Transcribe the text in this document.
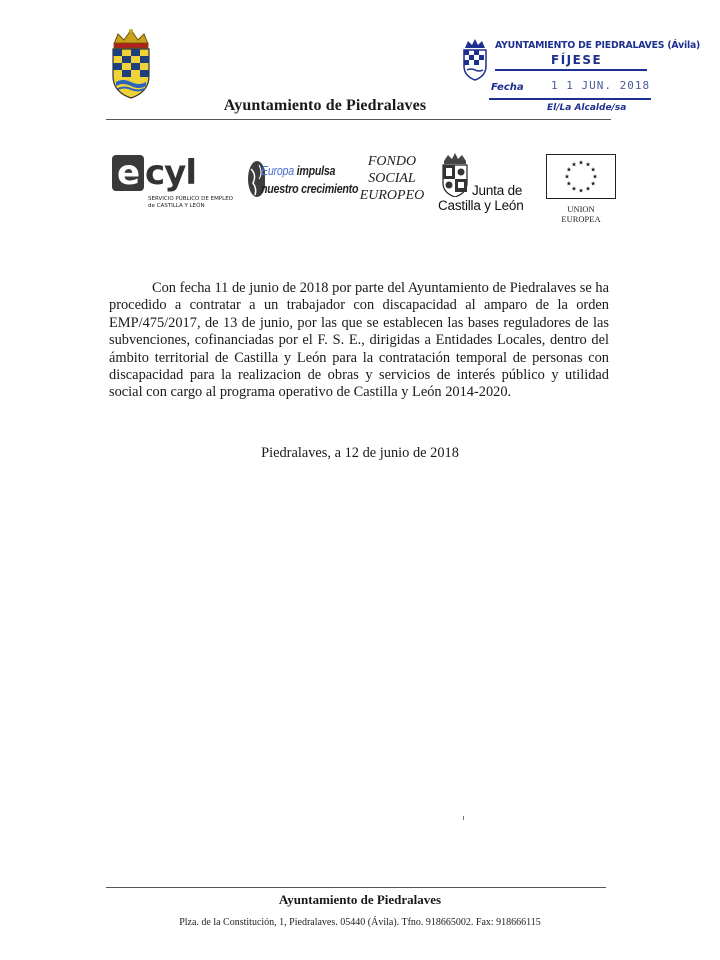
Ayuntamiento de Piedralaves
AYUNTAMIENTO DE PIEDRALAVES (Ávila)
FÍJESE
Fecha 1 1 JUN. 2018
El/La Alcalde/sa
e cyl
SERVICIO PÚBLICO DE EMPLEO
de CASTILLA Y LEÓN
Europa impulsa
nuestro crecimiento
FONDO
SOCIAL
EUROPEO	Junta de
Castilla y León	UNION
EUROPEA

Con fecha 11 de junio de 2018 por parte del Ayuntamiento de Piedralaves se ha procedido a contratar a un trabajador con discapacidad al amparo de la orden EMP/475/2017, de 13 de junio, por las que se establecen las bases reguladores de las subvenciones, cofinanciadas por el F. S. E., dirigidas a Entidades Locales, dentro del ámbito territorial de Castilla y León para la contratación temporal de personas con discapacidad para la realizacion de obras y servicios de interés público y utilidad social con cargo al programa operativo de Castilla y León 2014-2020.

Piedralaves, a 12 de junio de 2018
Ayuntamiento de Piedralaves
Plza. de la Constitución, 1, Piedralaves. 05440 (Ávila). Tfno. 918665002. Fax: 918666115
